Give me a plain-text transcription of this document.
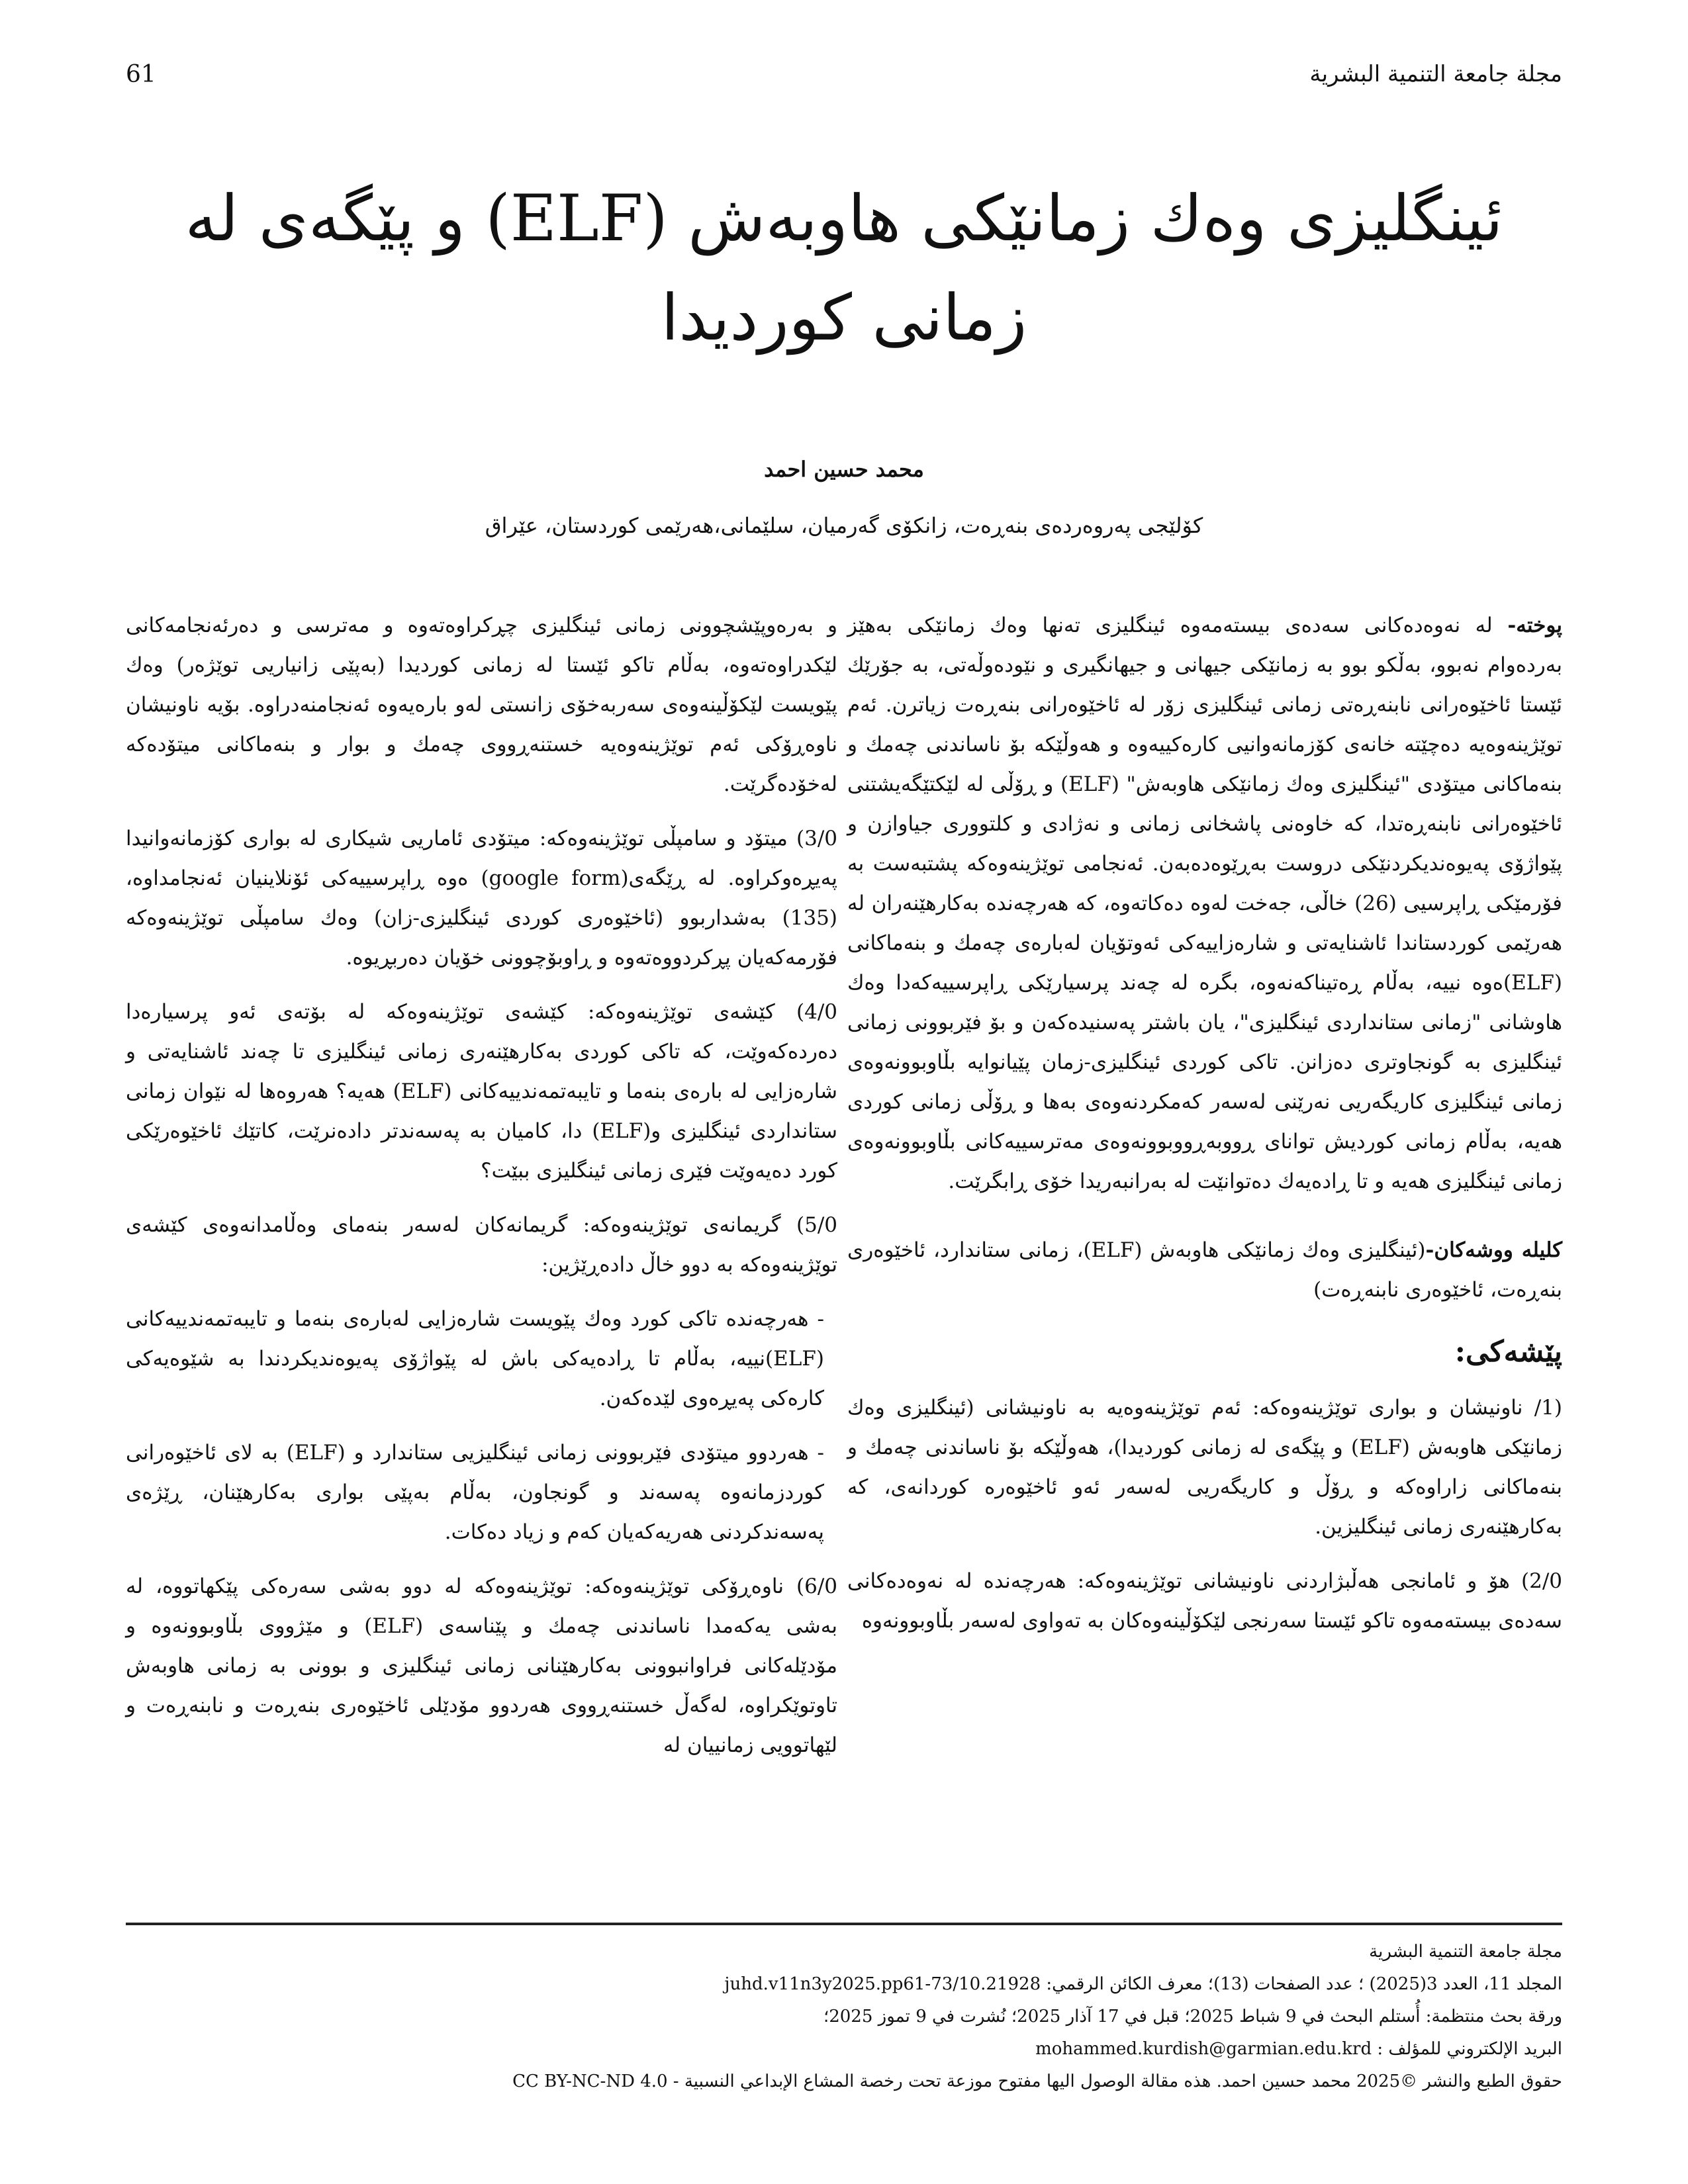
61	مجلة جامعة التنمية البشرية
ئینگلیزی وەك زمانێكی هاوبەش (ELF) و پێگەی لە زمانی كوردیدا
محمد حسين احمد
كۆلێجی پەروەردەی بنەڕەت، زانكۆی گەرمیان، سلێمانی،هەرێمی كوردستان، عێراق

پوختە- لە نەوەدەكانی سەدەی بیستەمەوە ئینگلیزی تەنها وەك زمانێكی بەهێز بەردەوام نەبوو، بەڵكو بوو بە زمانێكی جیهانی و جیهانگیری و نێودەوڵەتی، بە جۆرێك ئێستا ئاخێوەرانی نابنەڕەتی زمانی ئینگلیزی زۆر لە ئاخێوەرانی بنەڕەت زیاترن. ئەم توێژینەوەیە دەچێتە خانەی كۆزمانەوانیی كارەكییەوە و هەوڵێكە بۆ ناساندنی چەمك و بنەماكانی میتۆدی "ئینگلیزی وەك زمانێكی هاوبەش" (ELF) و ڕۆڵی لە لێكتێگەیشتنی ئاخێوەرانی نابنەڕەتدا، كە خاوەنی پاشخانی زمانی و نەژادی و كلتووری جیاوازن و پێواژۆی پەیوەندیكردنێكی دروست بەڕێوەدەبەن. ئەنجامی توێژینەوەكە پشتبەست بە فۆرمێكی ڕاپرسیی (26) خاڵی، جەخت لەوە دەكاتەوە، كە هەرچەندە بەكارهێنەران لە هەرێمی كوردستاندا ئاشنایەتی و شارەزاییەكی ئەوتۆیان لەبارەی چەمك و بنەماكانی (ELF)ەوە نییە، بەڵام ڕەتیناكەنەوە، بگرە لە چەند پرسیارێكی ڕاپرسییەكەدا وەك هاوشانی "زمانی ستانداردی ئینگلیزی"، یان باشتر پەسنیدەكەن و بۆ فێربوونی زمانی ئینگلیزی بە گونجاوتری دەزانن. تاكی كوردی ئینگلیزی-زمان پێیانوایە بڵاوبوونەوەی زمانی ئینگلیزی كاریگەریی نەرێنی لەسەر كەمكردنەوەی بەها و ڕۆڵی زمانی كوردی هەیە، بەڵام زمانی كوردیش توانای ڕووبەڕووبوونەوەی مەترسییەكانی بڵاوبوونەوەی زمانی ئینگلیزی هەیە و تا ڕادەیەك دەتوانێت لە بەرانبەریدا خۆی ڕابگرێت.

كلیلە ووشەكان-(ئینگلیزی وەك زمانێكی هاوبەش (ELF)، زمانی ستاندارد، ئاخێوەری بنەڕەت، ئاخێوەری نابنەڕەت)

پێشەكی:

(1/ ناونیشان و بواری توێژینەوەكە: ئەم توێژینەوەیە بە ناونیشانی (ئینگلیزی وەك زمانێكی هاوبەش (ELF) و پێگەی لە زمانی كوردیدا)، هەوڵێكە بۆ ناساندنی چەمك و بنەماكانی زاراوەكە و ڕۆڵ و كاریگەریی لەسەر ئەو ئاخێوەرە كوردانەی، كە بەكارهێنەری زمانی ئینگلیزین.

2/0) هۆ و ئامانجی هەڵبژاردنی ناونیشانی توێژینەوەكە: هەرچەندە لە نەوەدەكانی سەدەی بیستەمەوە تاكو ئێستا سەرنجی لێكۆڵینەوەكان بە تەواوی لەسەر بڵاوبوونەوە

و بەرەوپێشچوونی زمانی ئینگلیزی چڕكراوەتەوە و مەترسی و دەرئەنجامەكانی لێكدراوەتەوە، بەڵام تاكو ئێستا لە زمانی كوردیدا (بەپێی زانیاریی توێژەر) وەك پێویست لێكۆڵینەوەی سەربەخۆی زانستی لەو بارەیەوە ئەنجامنەدراوە. بۆیە ناونیشان ناوەڕۆكی ئەم توێژینەوەیە خستنەڕووی چەمك و بوار و بنەماكانی میتۆدەكە لەخۆدەگرێت.

3/0) میتۆد و سامپڵی توێژینەوەكە: میتۆدی ئاماریی شیكاری لە بواری كۆزمانەوانیدا پەیڕەوكراوە. لە ڕێگەی(google form) ەوە ڕاپرسییەكی ئۆنلاینیان ئەنجامداوە، (135) بەشداربوو (ئاخێوەری كوردی ئینگلیزی-زان) وەك سامپڵی توێژینەوەكە فۆرمەكەیان پڕكردووەتەوە و ڕاوبۆچوونی خۆیان دەربڕیوە.

4/0) كێشەی توێژینەوەكە: كێشەی توێژینەوەكە لە بۆتەی ئەو پرسیارەدا دەردەكەوێت، كە تاكی كوردی بەكارهێنەری زمانی ئینگلیزی تا چەند ئاشنایەتی و شارەزایی لە بارەی بنەما و تایبەتمەندییەكانی (ELF) هەیە؟ هەروەها لە نێوان زمانی ستانداردی ئینگلیزی و(ELF) دا، كامیان بە پەسەندتر دادەنرێت، كاتێك ئاخێوەرێكی كورد دەیەوێت فێری زمانی ئینگلیزی ببێت؟

5/0) گریمانەی توێژینەوەكە: گریمانەكان لەسەر بنەمای وەڵامدانەوەی كێشەی توێژینەوەكە بە دوو خاڵ دادەڕێژین:

- هەرچەندە تاكی كورد وەك پێویست شارەزایی لەبارەی بنەما و تایبەتمەندییەكانی (ELF)نییە، بەڵام تا ڕادەیەكی باش لە پێواژۆی پەیوەندیكردندا بە شێوەیەكی كارەكی پەیڕەوی لێدەكەن.

- هەردوو میتۆدی فێربوونی زمانی ئینگلیزیی ستاندارد و (ELF) بە لای ئاخێوەرانی كوردزمانەوە پەسەند و گونجاون، بەڵام بەپێی بواری بەكارهێنان، ڕێژەی پەسەندكردنی هەریەكەیان كەم و زیاد دەكات.

6/0) ناوەڕۆكی توێژینەوەكە: توێژینەوەكە لە دوو بەشی سەرەكی پێكهاتووە، لە بەشی یەكەمدا ناساندنی چەمك و پێناسەی (ELF) و مێژووی بڵاوبوونەوە و مۆدێلەكانی فراوانبوونی بەكارهێنانی زمانی ئینگلیزی و بوونی بە زمانی هاوبەش تاوتوێكراوە، لەگەڵ خستنەڕووی هەردوو مۆدێلی ئاخێوەری بنەڕەت و نابنەڕەت و لێهاتوویی زمانییان لە

مجلة جامعة التنمية البشرية
المجلد 11، العدد 3(2025) ؛ عدد الصفحات (13)؛ معرف الكائن الرقمي: 10.21928/juhd.v11n3y2025.pp61-73
ورقة بحث منتظمة: أُستلم البحث في 9 شباط 2025؛ قبل في 17 آذار 2025؛ نُشرت في 9 تموز 2025؛
البريد الإلكتروني للمؤلف : mohammed.kurdish@garmian.edu.krd
حقوق الطبع والنشر ©2025 محمد حسين احمد. هذه مقالة الوصول اليها مفتوح موزعة تحت رخصة المشاع الإبداعي النسبية - CC BY-NC-ND 4.0
